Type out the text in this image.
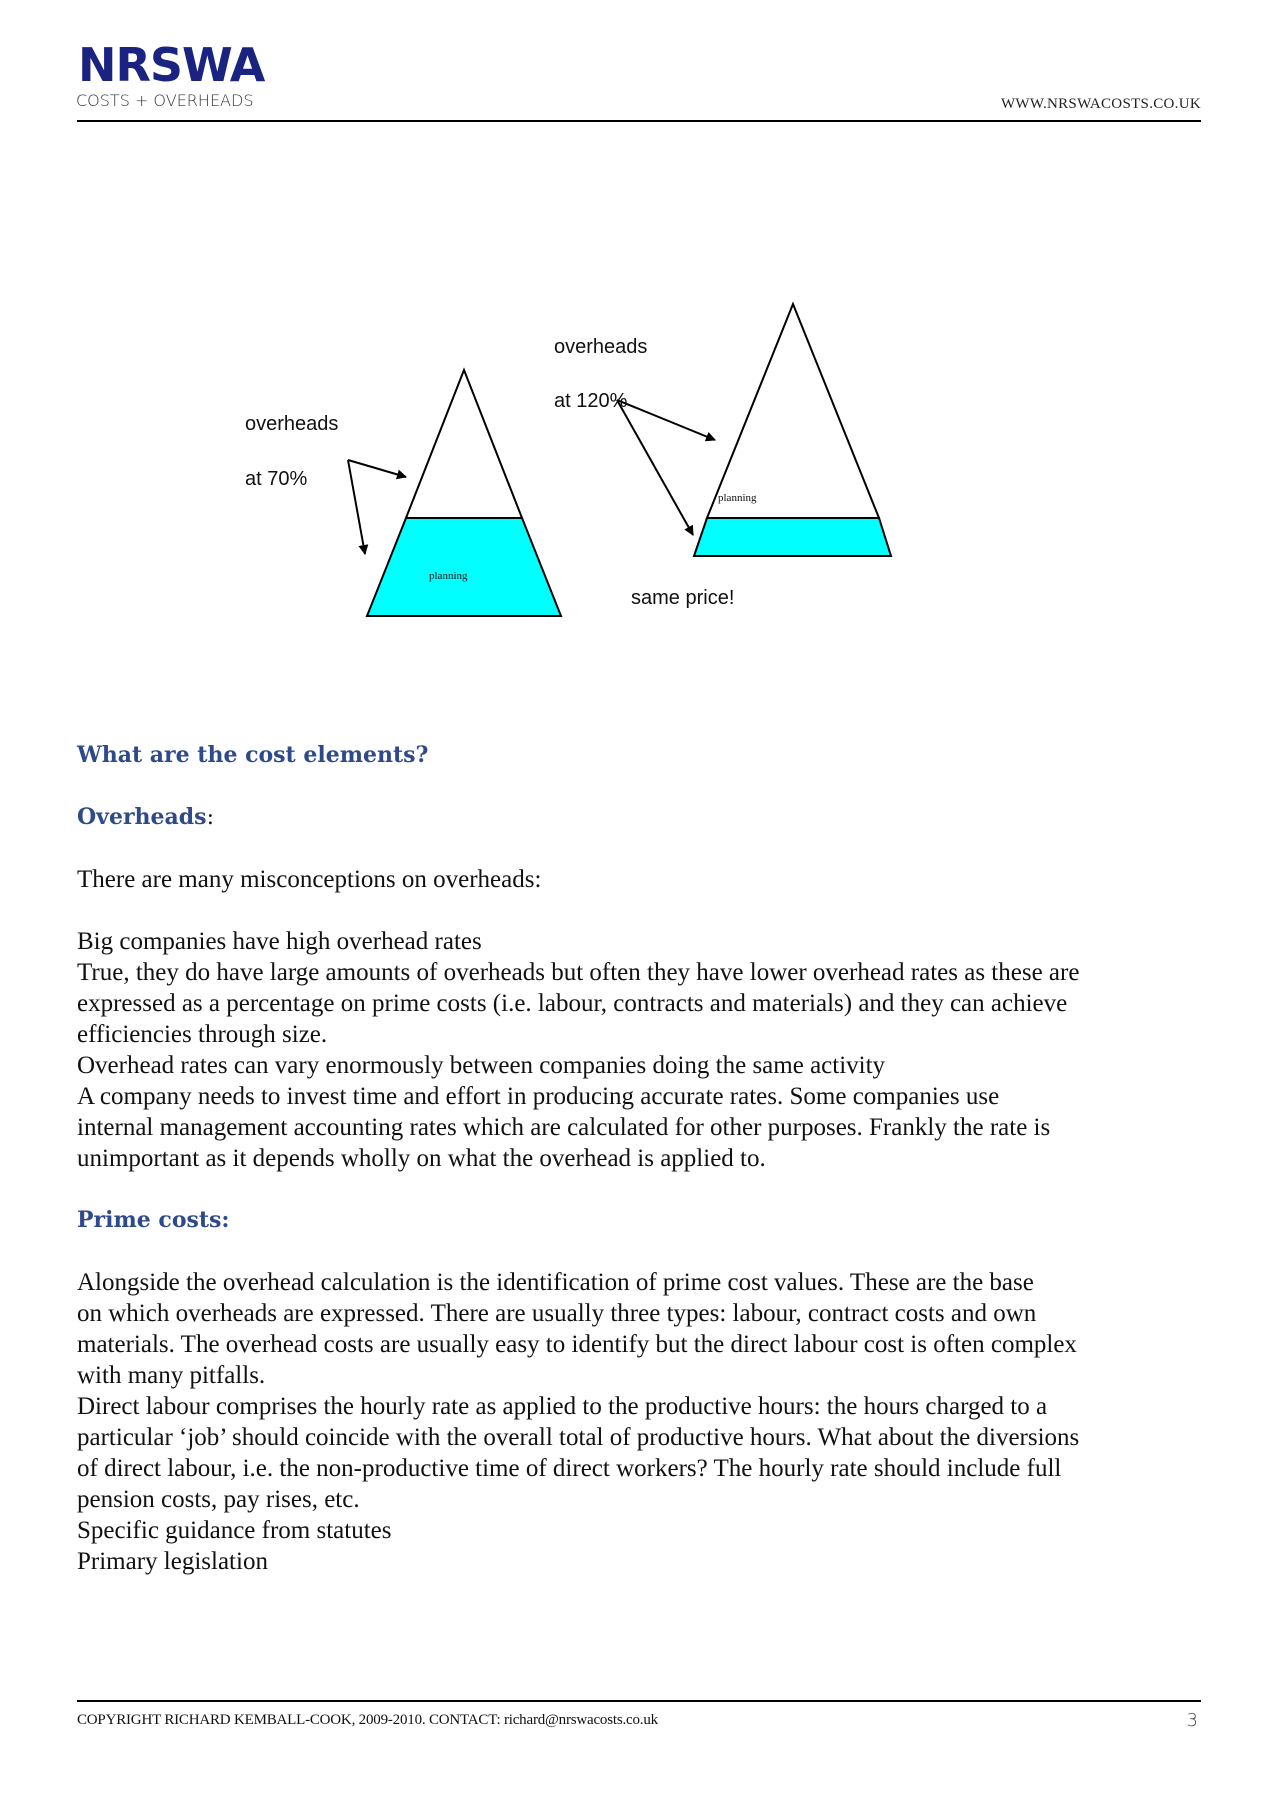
NRSWA
COSTS + OVERHEADS	WWW.NRSWACOSTS.CO.UK
overheads
at 70%
planning
overheads
at 120%
planning
same price!
What are the cost elements?
Overheads:

There are many misconceptions on overheads:

Big companies have high overhead rates

True, they do have large amounts of overheads but often they have lower overhead rates as these are

expressed as a percentage on prime costs (i.e. labour, contracts and materials) and they can achieve

efficiencies through size.

Overhead rates can vary enormously between companies doing the same activity

A company needs to invest time and effort in producing accurate rates. Some companies use

internal management accounting rates which are calculated for other purposes. Frankly the rate is

unimportant as it depends wholly on what the overhead is applied to.

Prime costs:

Alongside the overhead calculation is the identification of prime cost values. These are the base

on which overheads are expressed. There are usually three types: labour, contract costs and own

materials. The overhead costs are usually easy to identify but the direct labour cost is often complex

with many pitfalls.

Direct labour comprises the hourly rate as applied to the productive hours: the hours charged to a

particular ‘job’ should coincide with the overall total of productive hours. What about the diversions

of direct labour, i.e. the non-productive time of direct workers? The hourly rate should include full

pension costs, pay rises, etc.

Specific guidance from statutes

Primary legislation

COPYRIGHT RICHARD KEMBALL-COOK, 2009-2010. CONTACT: richard@nrswacosts.co.uk	3
